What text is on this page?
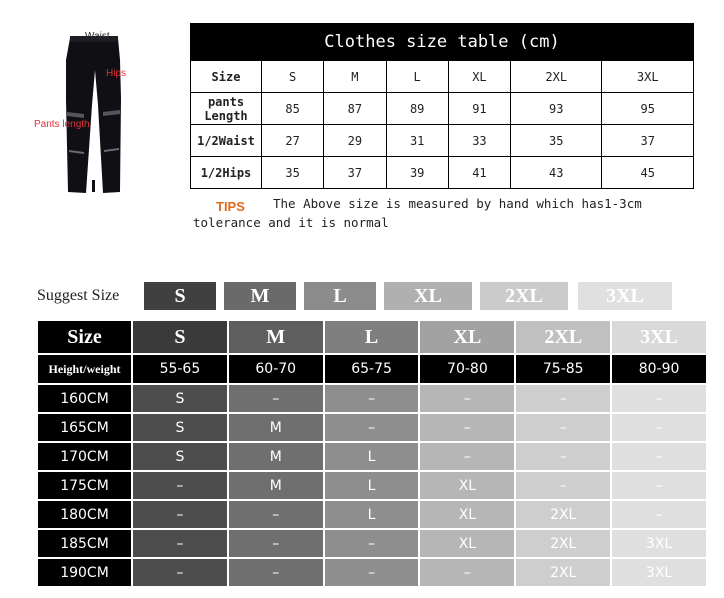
Waist
Hips
Pants length
Clothes size table (cm)						
Size	S	M	L	XL	2XL	3XL
pants
Length	85	87	89	91	93	95
1/2Waist	27	29	31	33	35	37
1/2Hips	35	37	39	41	43	45

The Above size is measured by hand which has1-3cm tolerance and it is normal

TIPS
Suggest Size	S	M	L	XL	2XL	3XL
Size	S	M	L	XL	2XL	3XL
Height/weight	55-65	60-70	65-75	70-80	75-85	80-90
160CM	S	–	–	–	–	–
165CM	S	M	–	–	–	–
170CM	S	M	L	–	–	–
175CM	–	M	L	XL	–	–
180CM	–	–	L	XL	2XL	–
185CM	–	–	–	XL	2XL	3XL
190CM	–	–	–	–	2XL	3XL
